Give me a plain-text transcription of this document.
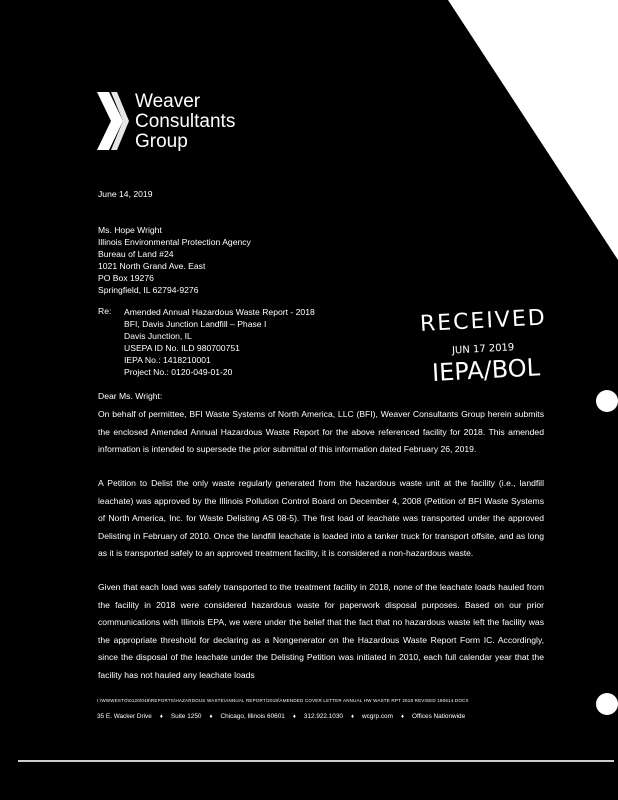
Weaver
Consultants
Group
June 14, 2019
Ms. Hope Wright
Illinois Environmental Protection Agency
Bureau of Land #24
1021 North Grand Ave. East
PO Box 19276
Springfield, IL 62794-9276
Re: Amended Annual Hazardous Waste Report - 2018
BFI, Davis Junction Landfill – Phase I
Davis Junction, IL
USEPA ID No. ILD 980700751
IEPA No.: 1418210001
Project No.: 0120-049-01-20
RECEIVED
JUN 17 2019
IEPA/BOL
Dear Ms. Wright:
On behalf of permittee, BFI Waste Systems of North America, LLC (BFI), Weaver Consultants Group herein submits the enclosed Amended Annual Hazardous Waste Report for the above referenced facility for 2018. This amended information is intended to supersede the prior submittal of this information dated February 26, 2019.
A Petition to Delist the only waste regularly generated from the hazardous waste unit at the facility (i.e., landfill leachate) was approved by the Illinois Pollution Control Board on December 4, 2008 (Petition of BFI Waste Systems of North America, Inc. for Waste Delisting AS 08-5). The first load of leachate was transported under the approved Delisting in February of 2010. Once the landfill leachate is loaded into a tanker truck for transport offsite, and as long as it is transported safely to an approved treatment facility, it is considered a non-hazardous waste.
Given that each load was safely transported to the treatment facility in 2018, none of the leachate loads hauled from the facility in 2018 were considered hazardous waste for paperwork disposal purposes. Based on our prior communications with Illinois EPA, we were under the belief that the fact that no hazardous waste left the facility was the appropriate threshold for declaring as a Nongenerator on the Hazardous Waste Report Form IC. Accordingly, since the disposal of the leachate under the Delisting Petition was initiated in 2010, each full calendar year that the facility has not hauled any leachate loads
I:\WWWESTO\0120\049\REPORTS\HAZARDOUS WASTE\ANNUAL REPORT\2018\AMENDED COVER LETTER ANNUAL HW WASTE RPT 2018 REVISED 190614.DOCX
35 E. Wacker Drive ♦ Suite 1250 ♦ Chicago, Illinois 60601 ♦ 312.922.1030 ♦ wcgrp.com ♦ Offices Nationwide
